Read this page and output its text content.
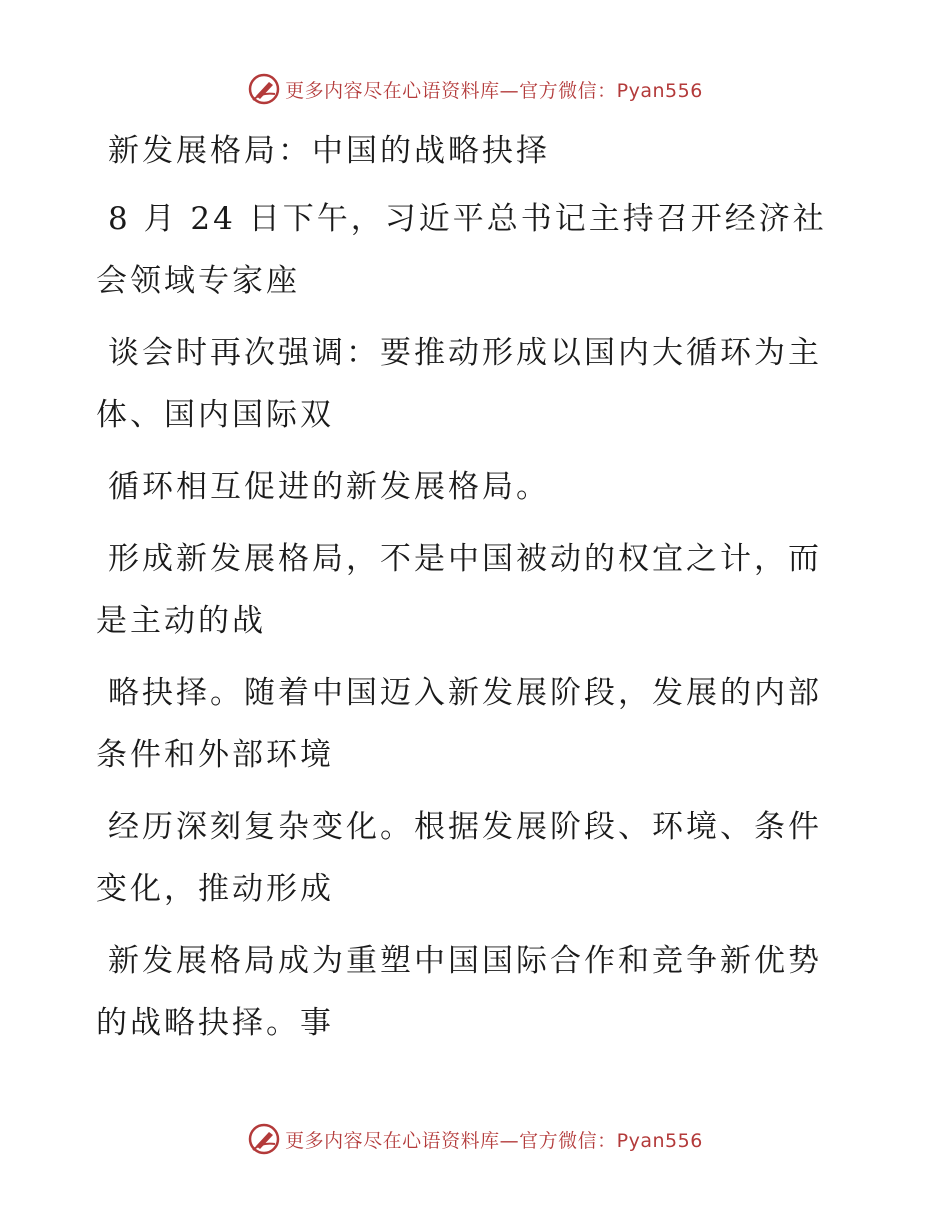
更多内容尽在心语资料库—官方微信：Pyan556

新发展格局：中国的战略抉择

8 月 24 日下午，习近平总书记主持召开经济社会领域专家座

谈会时再次强调：要推动形成以国内大循环为主体、国内国际双

循环相互促进的新发展格局。

形成新发展格局，不是中国被动的权宜之计，而是主动的战

略抉择。随着中国迈入新发展阶段，发展的内部条件和外部环境

经历深刻复杂变化。根据发展阶段、环境、条件变化，推动形成

新发展格局成为重塑中国国际合作和竞争新优势的战略抉择。事

更多内容尽在心语资料库—官方微信：Pyan556
